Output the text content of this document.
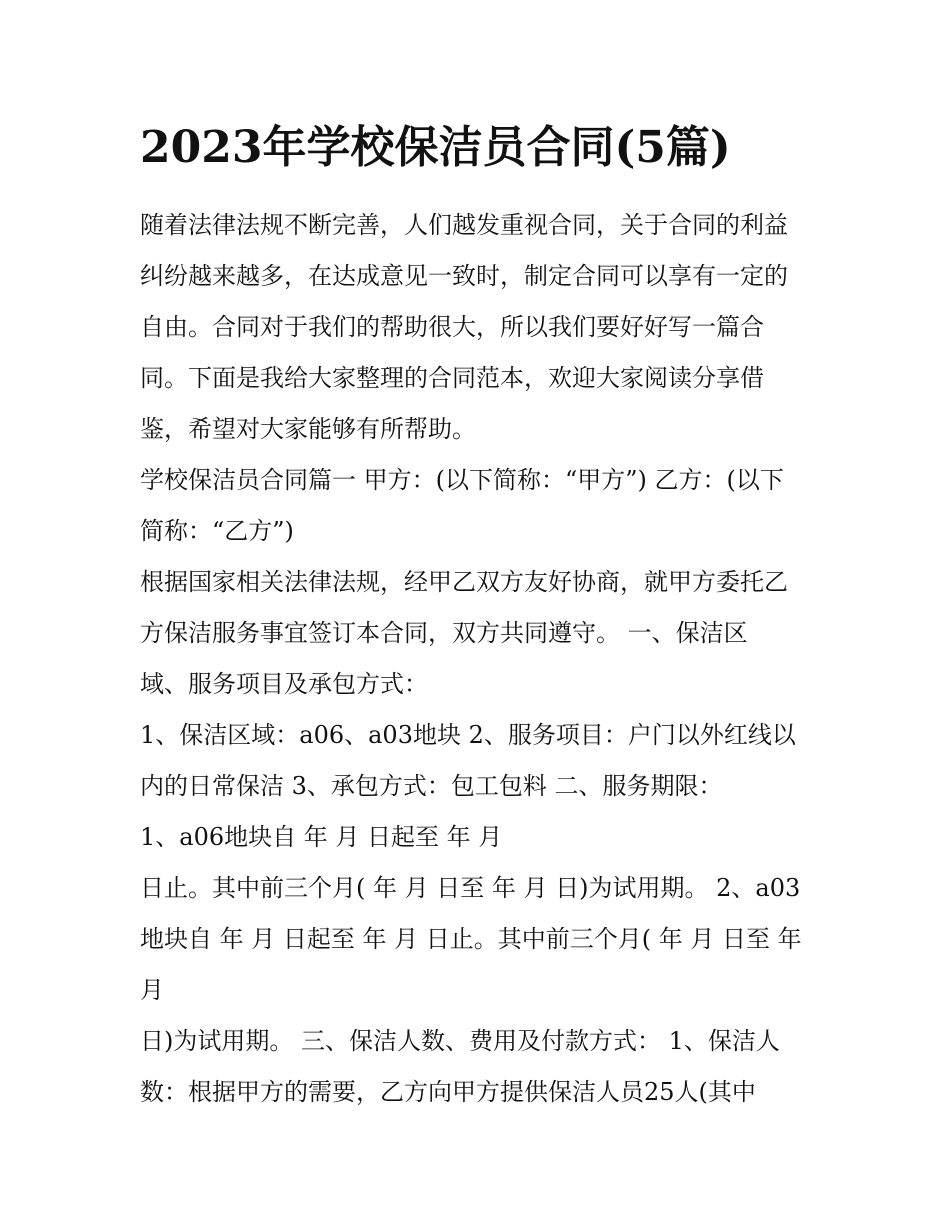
2023年学校保洁员合同(5篇)
随着法律法规不断完善，人们越发重视合同，关于合同的利益
纠纷越来越多，在达成意见一致时，制定合同可以享有一定的
自由。合同对于我们的帮助很大，所以我们要好好写一篇合
同。下面是我给大家整理的合同范本，欢迎大家阅读分享借
鉴，希望对大家能够有所帮助。
学校保洁员合同篇一 甲方：(以下简称：“甲方”) 乙方：(以下
简称：“乙方”)
根据国家相关法律法规，经甲乙双方友好协商，就甲方委托乙
方保洁服务事宜签订本合同，双方共同遵守。 一、保洁区
域、服务项目及承包方式：
1、保洁区域：a06、a03地块 2、服务项目：户门以外红线以
内的日常保洁 3、承包方式：包工包料 二、服务期限：
1、a06地块自 年 月 日起至 年 月
日止。其中前三个月( 年 月 日至 年 月 日)为试用期。 2、a03
地块自 年 月 日起至 年 月 日止。其中前三个月( 年 月 日至 年
月
日)为试用期。 三、保洁人数、费用及付款方式： 1、保洁人
数：根据甲方的需要，乙方向甲方提供保洁人员25人(其中
